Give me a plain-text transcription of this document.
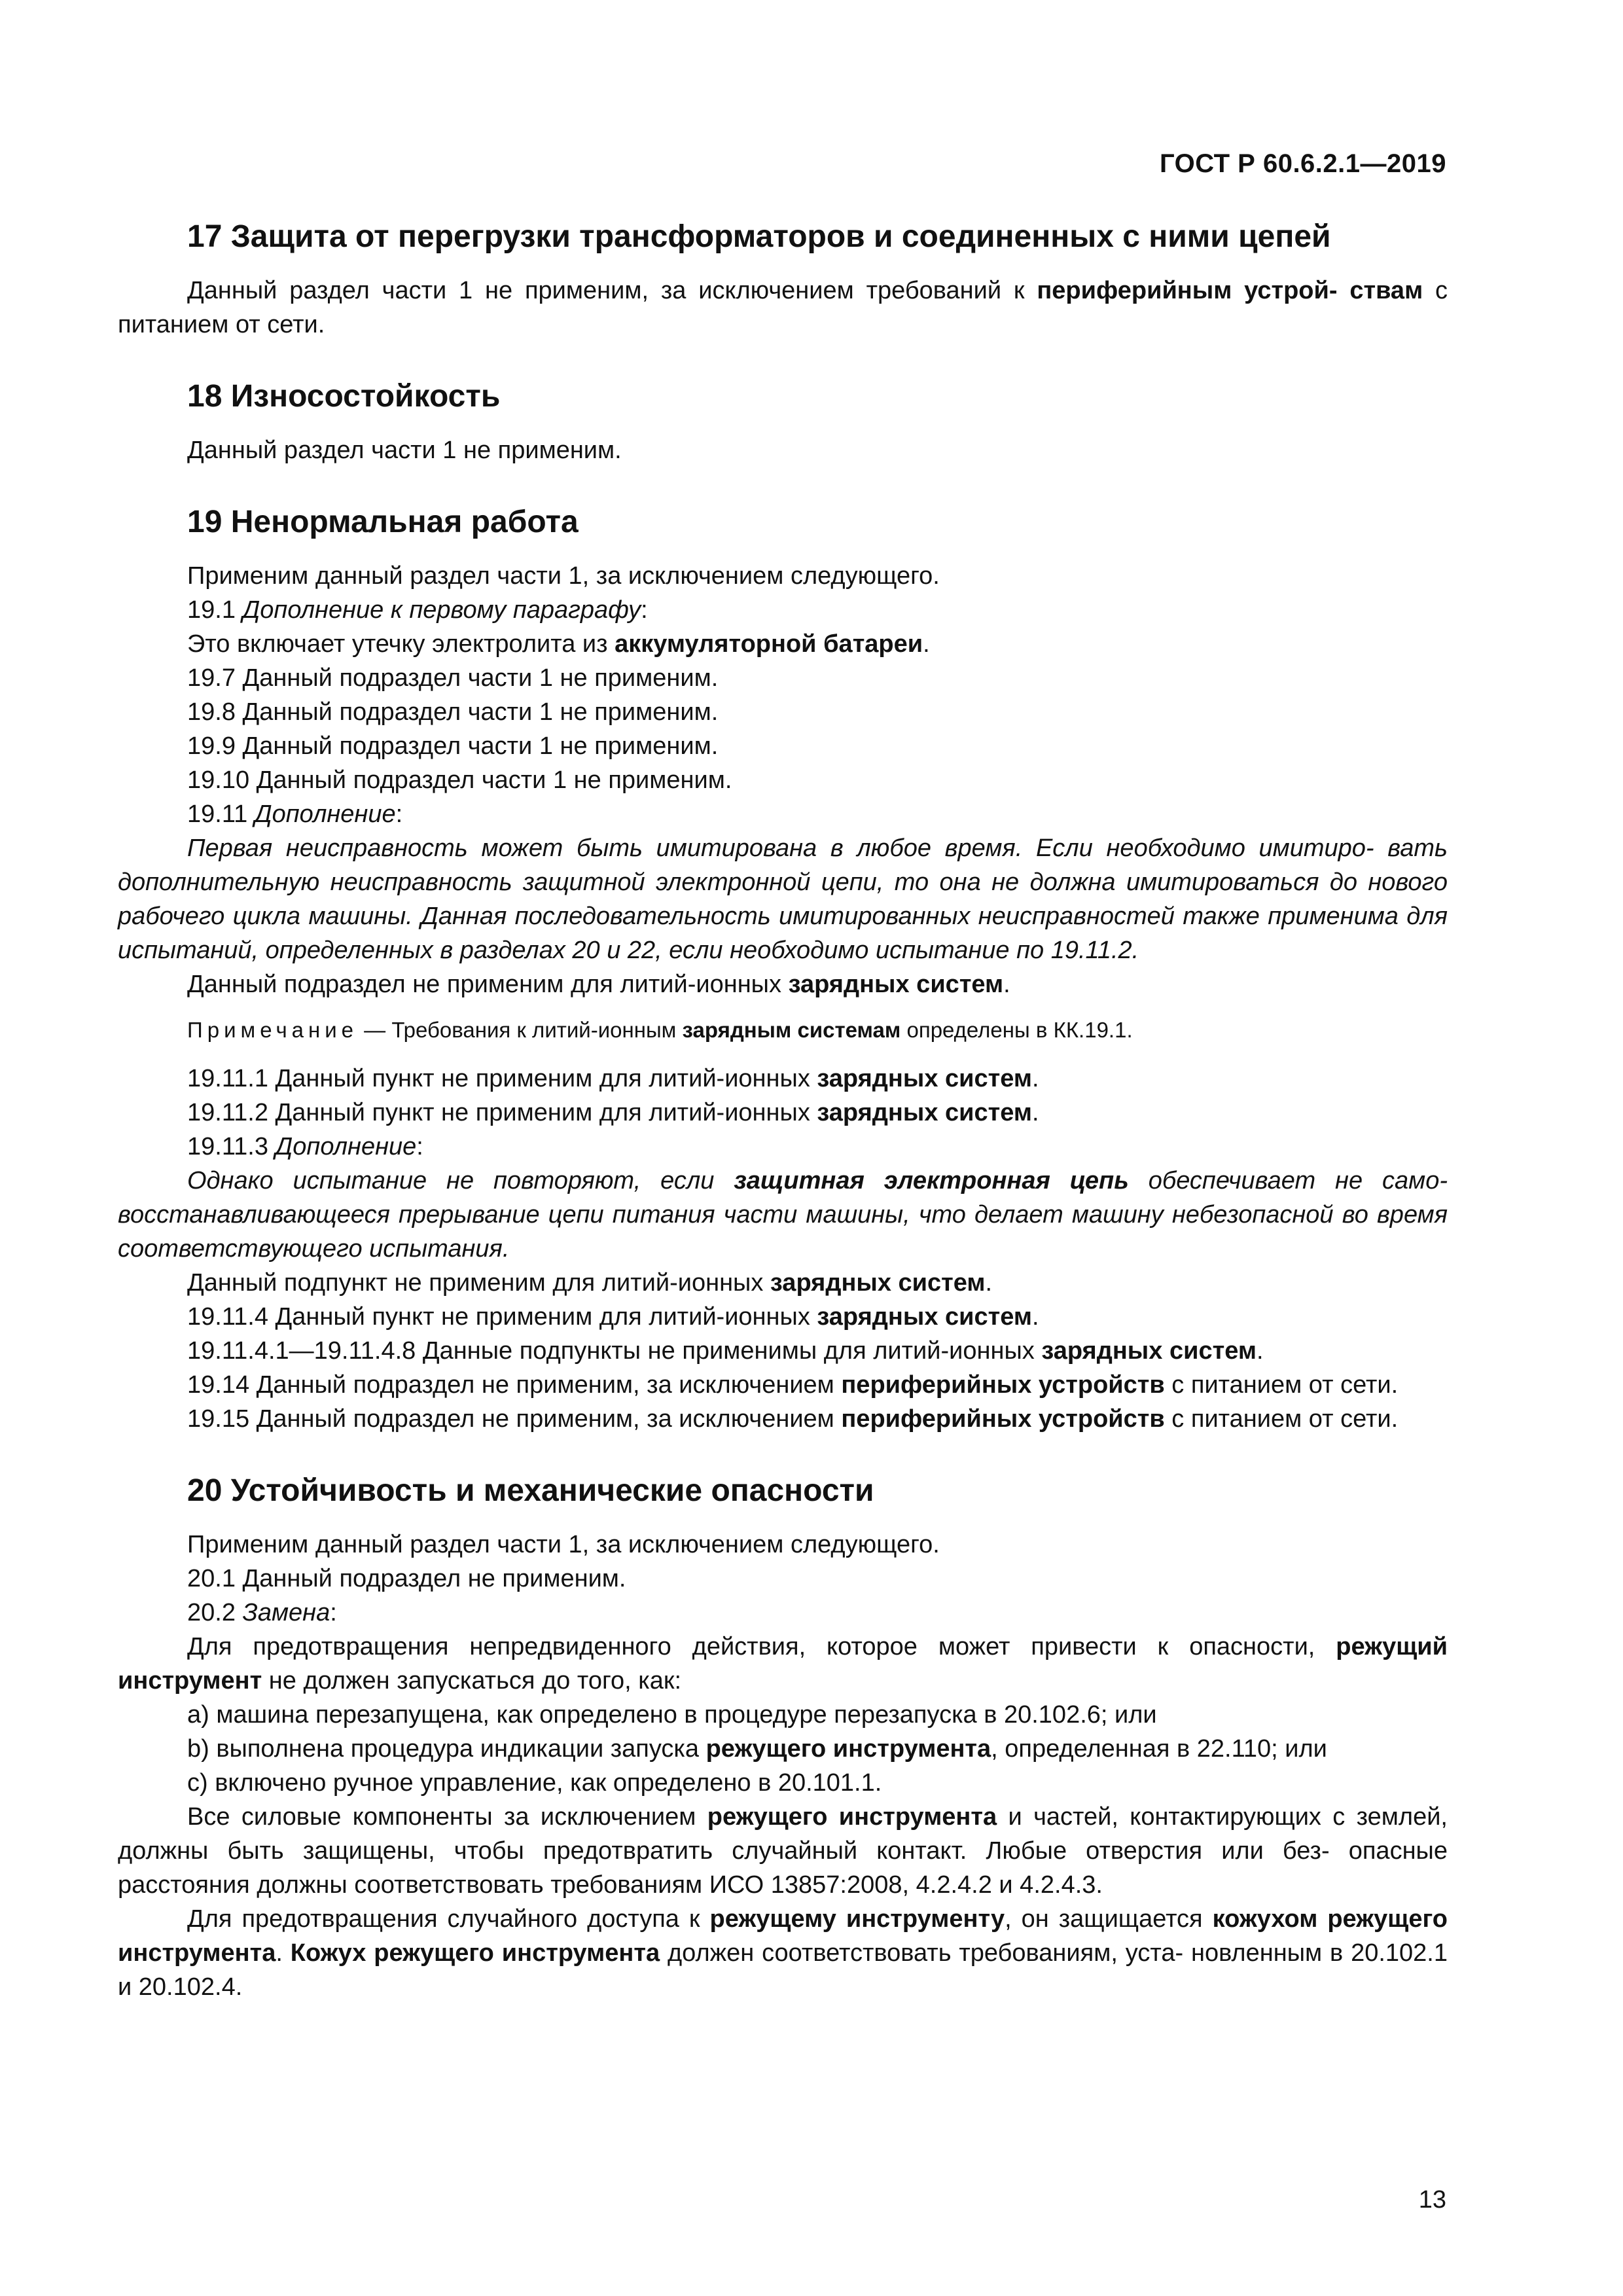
ГОСТ Р 60.6.2.1—2019
17 Защита от перегрузки трансформаторов и соединенных с ними цепей

Данный раздел части 1 не применим, за исключением требований к периферийным устрой- ствам с питанием от сети.

18 Износостойкость

Данный раздел части 1 не применим.

19 Ненормальная работа

Применим данный раздел части 1, за исключением следующего.

19.1 Дополнение к первому параграфу:

Это включает утечку электролита из аккумуляторной батареи.

19.7 Данный подраздел части 1 не применим.

19.8 Данный подраздел части 1 не применим.

19.9 Данный подраздел части 1 не применим.

19.10 Данный подраздел части 1 не применим.

19.11 Дополнение:

Первая неисправность может быть имитирована в любое время. Если необходимо имитиро- вать дополнительную неисправность защитной электронной цепи, то она не должна имитироваться до нового рабочего цикла машины. Данная последовательность имитированных неисправностей также применима для испытаний, определенных в разделах 20 и 22, если необходимо испытание по 19.11.2.

Данный подраздел не применим для литий-ионных зарядных систем.

Примечание — Требования к литий-ионным зарядным системам определены в КК.19.1.

19.11.1 Данный пункт не применим для литий-ионных зарядных систем.

19.11.2 Данный пункт не применим для литий-ионных зарядных систем.

19.11.3 Дополнение:

Однако испытание не повторяют, если защитная электронная цепь обеспечивает не само- восстанавливающееся прерывание цепи питания части машины, что делает машину небезопасной во время соответствующего испытания.

Данный подпункт не применим для литий-ионных зарядных систем.

19.11.4 Данный пункт не применим для литий-ионных зарядных систем.

19.11.4.1—19.11.4.8 Данные подпункты не применимы для литий-ионных зарядных систем.

19.14 Данный подраздел не применим, за исключением периферийных устройств с питанием от сети.

19.15 Данный подраздел не применим, за исключением периферийных устройств с питанием от сети.

20 Устойчивость и механические опасности

Применим данный раздел части 1, за исключением следующего.

20.1 Данный подраздел не применим.

20.2 Замена:

Для предотвращения непредвиденного действия, которое может привести к опасности, режущий инструмент не должен запускаться до того, как:

a) машина перезапущена, как определено в процедуре перезапуска в 20.102.6; или

b) выполнена процедура индикации запуска режущего инструмента, определенная в 22.110; или

c) включено ручное управление, как определено в 20.101.1.

Все силовые компоненты за исключением режущего инструмента и частей, контактирующих с землей, должны быть защищены, чтобы предотвратить случайный контакт. Любые отверстия или без- опасные расстояния должны соответствовать требованиям ИСО 13857:2008, 4.2.4.2 и 4.2.4.3.

Для предотвращения случайного доступа к режущему инструменту, он защищается кожухом режущего инструмента. Кожух режущего инструмента должен соответствовать требованиям, уста- новленным в 20.102.1 и 20.102.4.

13
